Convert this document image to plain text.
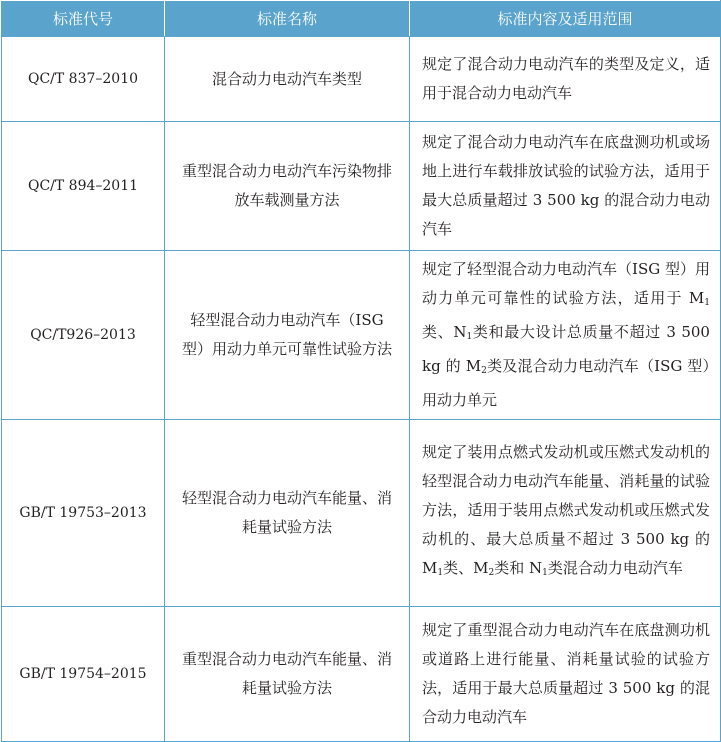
标准代号	标准名称	标准内容及适用范围
QC/T 837–2010	混合动力电动汽车类型	规定了混合动力电动汽车的类型及定义，适用于混合动力电动汽车
QC/T 894–2011	重型混合动力电动汽车污染物排放车载测量方法	规定了混合动力电动汽车在底盘测功机或场地上进行车载排放试验的试验方法，适用于最大总质量超过 3 500 kg 的混合动力电动汽车
QC/T926–2013	轻型混合动力电动汽车（ISG 型）用动力单元可靠性试验方法	规定了轻型混合动力电动汽车（ISG 型）用动力单元可靠性的试验方法，适用于 $M_1$类、$N_1$类和最大设计总质量不超过 3 500 kg 的 $M_2$类及混合动力电动汽车（ISG 型）用动力单元
GB/T 19753–2013	轻型混合动力电动汽车能量、消耗量试验方法	规定了装用点燃式发动机或压燃式发动机的轻型混合动力电动汽车能量、消耗量的试验方法，适用于装用点燃式发动机或压燃式发动机的、最大总质量不超过 3 500 kg 的 $M_1$类、$M_2$类和 $N_1$类混合动力电动汽车
GB/T 19754–2015	重型混合动力电动汽车能量、消耗量试验方法	规定了重型混合动力电动汽车在底盘测功机或道路上进行能量、消耗量试验的试验方法，适用于最大总质量超过 3 500 kg 的混合动力电动汽车
